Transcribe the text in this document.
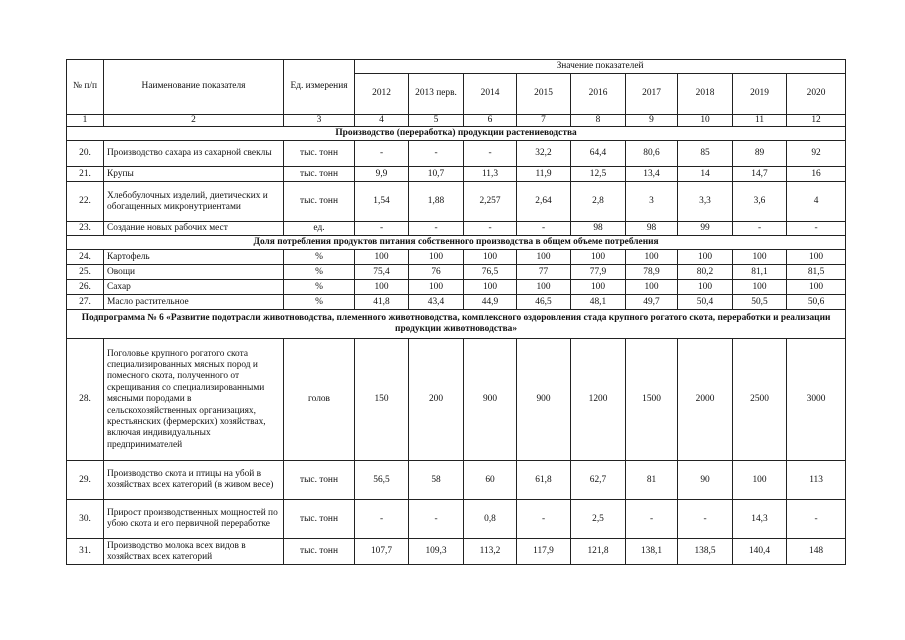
№ п/п	Наименование показателя	Ед. измерения	Значение показателей								
			2012	2013 перв.	2014	2015	2016	2017	2018	2019	2020
1	2	3	4	5	6	7	8	9	10	11	12
Производство (переработка) продукции растениеводства											
20.	Производство сахара из сахарной свеклы	тыс. тонн	-	-	-	32,2	64,4	80,6	85	89	92
21.	Крупы	тыс. тонн	9,9	10,7	11,3	11,9	12,5	13,4	14	14,7	16
22.	Хлебобулочных изделий, диетических и обогащенных микронутриентами	тыс. тонн	1,54	1,88	2,257	2,64	2,8	3	3,3	3,6	4
23.	Создание новых рабочих мест	ед.	-	-	-	-	98	98	99	-	-
Доля потребления продуктов питания собственного производства в общем объеме потребления											
24.	Картофель	%	100	100	100	100	100	100	100	100	100
25.	Овощи	%	75,4	76	76,5	77	77,9	78,9	80,2	81,1	81,5
26.	Сахар	%	100	100	100	100	100	100	100	100	100
27.	Масло растительное	%	41,8	43,4	44,9	46,5	48,1	49,7	50,4	50,5	50,6
Подпрограмма № 6 «Развитие подотрасли животноводства, племенного животноводства, комплексного оздоровления стада крупного рогатого скота, переработки и реализации продукции животноводства»											
28.	Поголовье крупного рогатого скота специализированных мясных пород и помесного скота, полученного от скрещивания со специализированными мясными породами в сельскохозяйственных организациях, крестьянских (фермерских) хозяйствах, включая индивидуальных предпринимателей	голов	150	200	900	900	1200	1500	2000	2500	3000
29.	Производство скота и птицы на убой в хозяйствах всех категорий (в живом весе)	тыс. тонн	56,5	58	60	61,8	62,7	81	90	100	113
30.	Прирост производственных мощностей по убою скота и его первичной переработке	тыс. тонн	-	-	0,8	-	2,5	-	-	14,3	-
31.	Производство молока всех видов в хозяйствах всех категорий	тыс. тонн	107,7	109,3	113,2	117,9	121,8	138,1	138,5	140,4	148
